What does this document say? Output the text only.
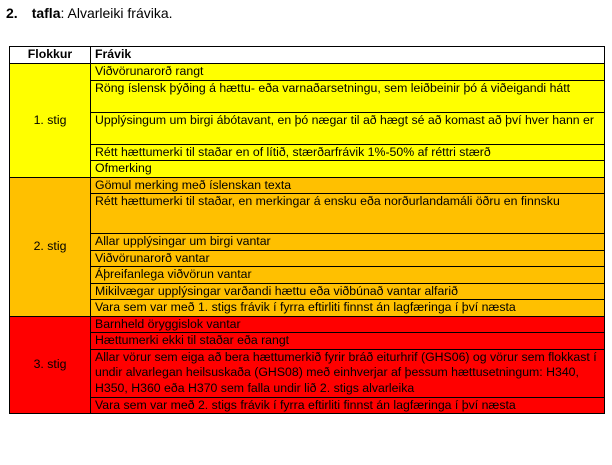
2. tafla: Alvarleiki frávika.
Flokkur	Frávik
1. stig	Viðvörunarorð rangt
	Röng íslensk þýðing á hættu- eða varnaðarsetningu, sem leiðbeinir þó á viðeigandi hátt
	Upplýsingum um birgi ábótavant, en þó nægar til að hægt sé að komast að því hver hann er
	Rétt hættumerki til staðar en of lítið, stærðarfrávik 1%-50% af réttri stærð
	Ofmerking
2. stig	Gömul merking með íslenskan texta
	Rétt hættumerki til staðar, en merkingar á ensku eða norðurlandamáli öðru en finnsku
	Allar upplýsingar um birgi vantar
	Viðvörunarorð vantar
	Áþreifanlega viðvörun vantar
	Mikilvægar upplýsingar varðandi hættu eða viðbúnað vantar alfarið
	Vara sem var með 1. stigs frávik í fyrra eftirliti finnst án lagfæringa í því næsta
3. stig	Barnheld öryggislok vantar
	Hættumerki ekki til staðar eða rangt
	Allar vörur sem eiga að bera hættumerkið fyrir bráð eiturhrif (GHS06) og vörur sem flokkast í undir alvarlegan heilsuskaða (GHS08) með einhverjar af þessum hættusetningum: H340, H350, H360 eða H370 sem falla undir lið 2. stigs alvarleika
	Vara sem var með 2. stigs frávik í fyrra eftirliti finnst án lagfæringa í því næsta
